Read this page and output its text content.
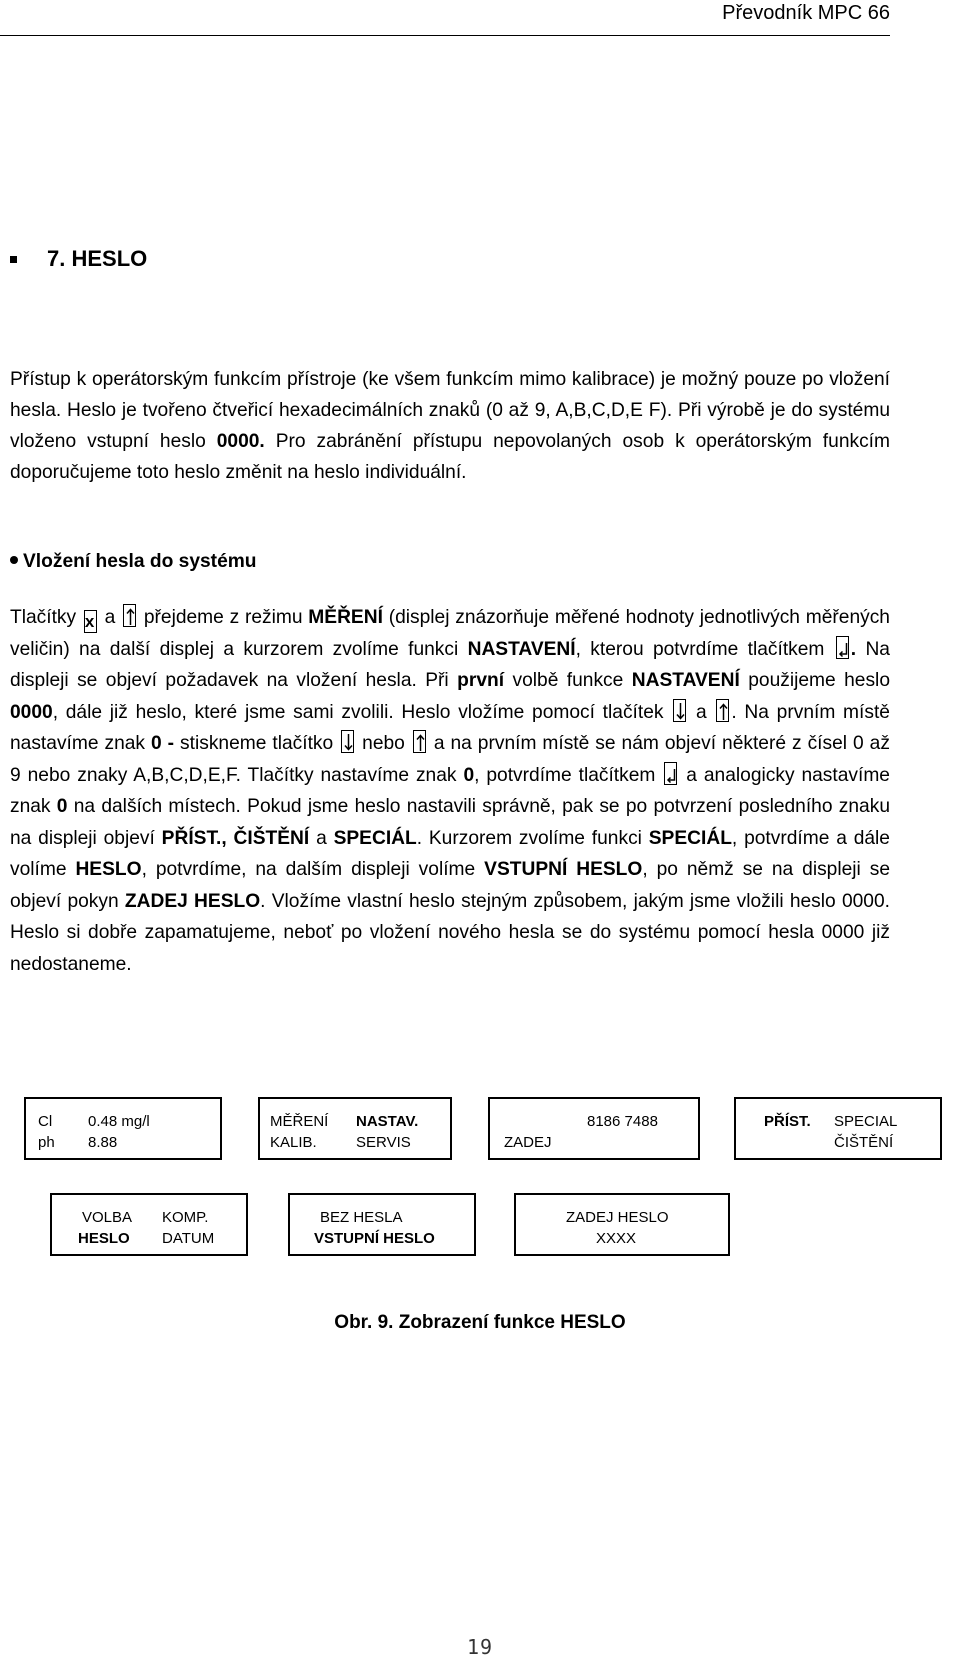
Převodník MPC 66
7. HESLO
Přístup k operátorským funkcím přístroje (ke všem funkcím mimo kalibrace) je možný pouze po vložení hesla. Heslo je tvořeno čtveřicí hexadecimálních znaků (0 až 9, A,B,C,D,E F). Při výrobě je do systému vloženo vstupní heslo 0000. Pro zabránění přístupu nepovolaných osob k operátorským funkcím doporučujeme toto heslo změnit na heslo individuální.
Vložení hesla do systému
Tlačítky x a přejdeme z režimu MĚŘENÍ (displej znázorňuje měřené hodnoty jednotlivých měřených veličin) na další displej a kurzorem zvolíme funkci NASTAVENÍ, kterou potvrdíme tlačítkem . Na displeji se objeví požadavek na vložení hesla. Při první volbě funkce NASTAVENÍ použijeme heslo 0000, dále již heslo, které jsme sami zvolili. Heslo vložíme pomocí tlačítek a . Na prvním místě nastavíme znak 0 - stiskneme tlačítko nebo a na prvním místě se nám objeví některé z čísel 0 až 9 nebo znaky A,B,C,D,E,F. Tlačítky nastavíme znak 0, potvrdíme tlačítkem a analogicky nastavíme znak 0 na dalších místech. Pokud jsme heslo nastavili správně, pak se po potvrzení posledního znaku na displeji objeví PŘÍST., ČIŠTĚNÍ a SPECIÁL. Kurzorem zvolíme funkci SPECIÁL, potvrdíme a dále volíme HESLO, potvrdíme, na dalším displeji volíme VSTUPNÍ HESLO, po němž se na displeji se objeví pokyn ZADEJ HESLO. Vložíme vlastní heslo stejným způsobem, jakým jsme vložili heslo 0000. Heslo si dobře zapamatujeme, neboť po vložení nového hesla se do systému pomocí hesla 0000 již nedostaneme.
Cl 0.48 mg/l
ph 8.88
MĚŘENÍ NASTAV.
KALIB.	SERVIS
8186 7488
ZADEJ
PŘÍST. SPECIAL
ČIŠTĚNÍ
VOLBA KOMP.
HESLO DATUM
BEZ HESLA
VSTUPNÍ HESLO
ZADEJ HESLO
XXXX
Obr. 9. Zobrazení funkce HESLO
19
